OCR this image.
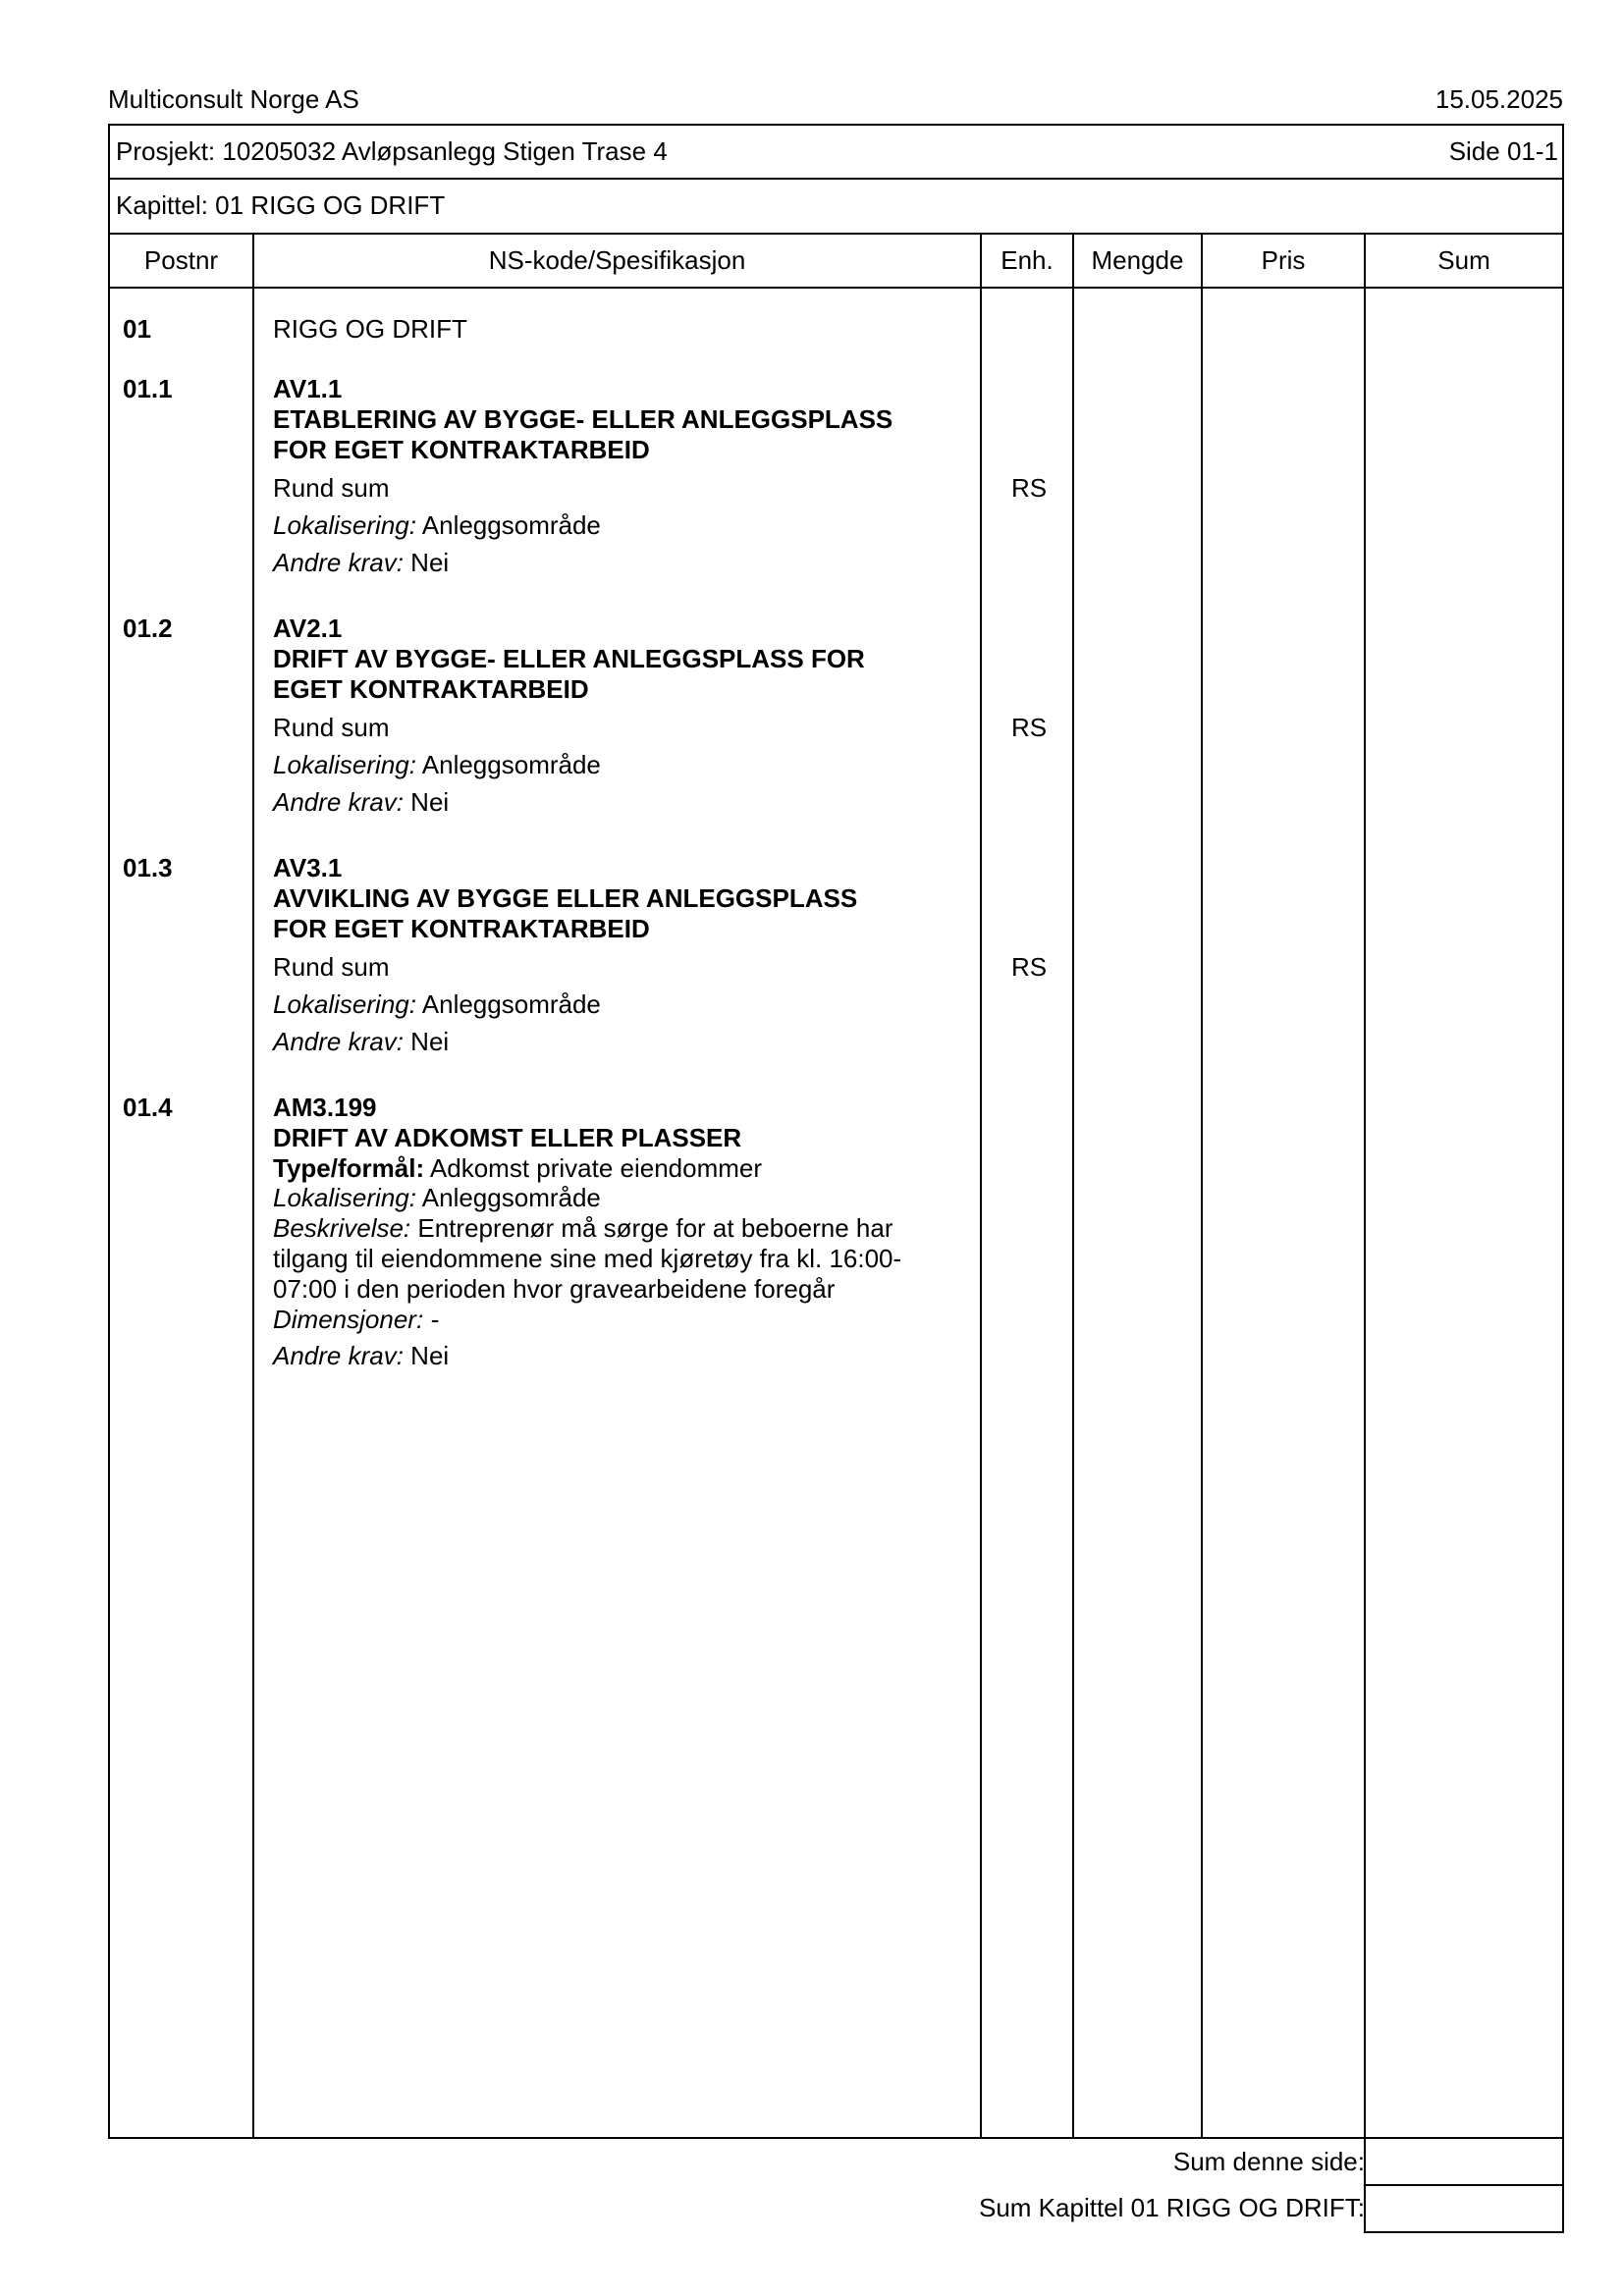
Multiconsult Norge AS	15.05.2025
Prosjekt: 10205032 Avløpsanlegg Stigen Trase 4	Side 01-1
Kapittel: 01 RIGG OG DRIFT
Postnr	NS-kode/Spesifikasjon	Enh.	Mengde	Pris	Sum
01	RIGG OG DRIFT
01.1	AV1.1
ETABLERING AV BYGGE- ELLER ANLEGGSPLASS
FOR EGET KONTRAKTARBEID
Rund sum	RS
Lokalisering: Anleggsområde
Andre krav: Nei
01.2	AV2.1
DRIFT AV BYGGE- ELLER ANLEGGSPLASS FOR
EGET KONTRAKTARBEID
Rund sum	RS
Lokalisering: Anleggsområde
Andre krav: Nei
01.3	AV3.1
AVVIKLING AV BYGGE ELLER ANLEGGSPLASS
FOR EGET KONTRAKTARBEID
Rund sum	RS
Lokalisering: Anleggsområde
Andre krav: Nei
01.4	AM3.199
DRIFT AV ADKOMST ELLER PLASSER
Type/formål: Adkomst private eiendommer
Lokalisering: Anleggsområde
Beskrivelse: Entreprenør må sørge for at beboerne har
tilgang til eiendommene sine med kjøretøy fra kl. 16:00-
07:00 i den perioden hvor gravearbeidene foregår
Dimensjoner: -
Andre krav: Nei
Sum denne side:
Sum Kapittel 01 RIGG OG DRIFT:
